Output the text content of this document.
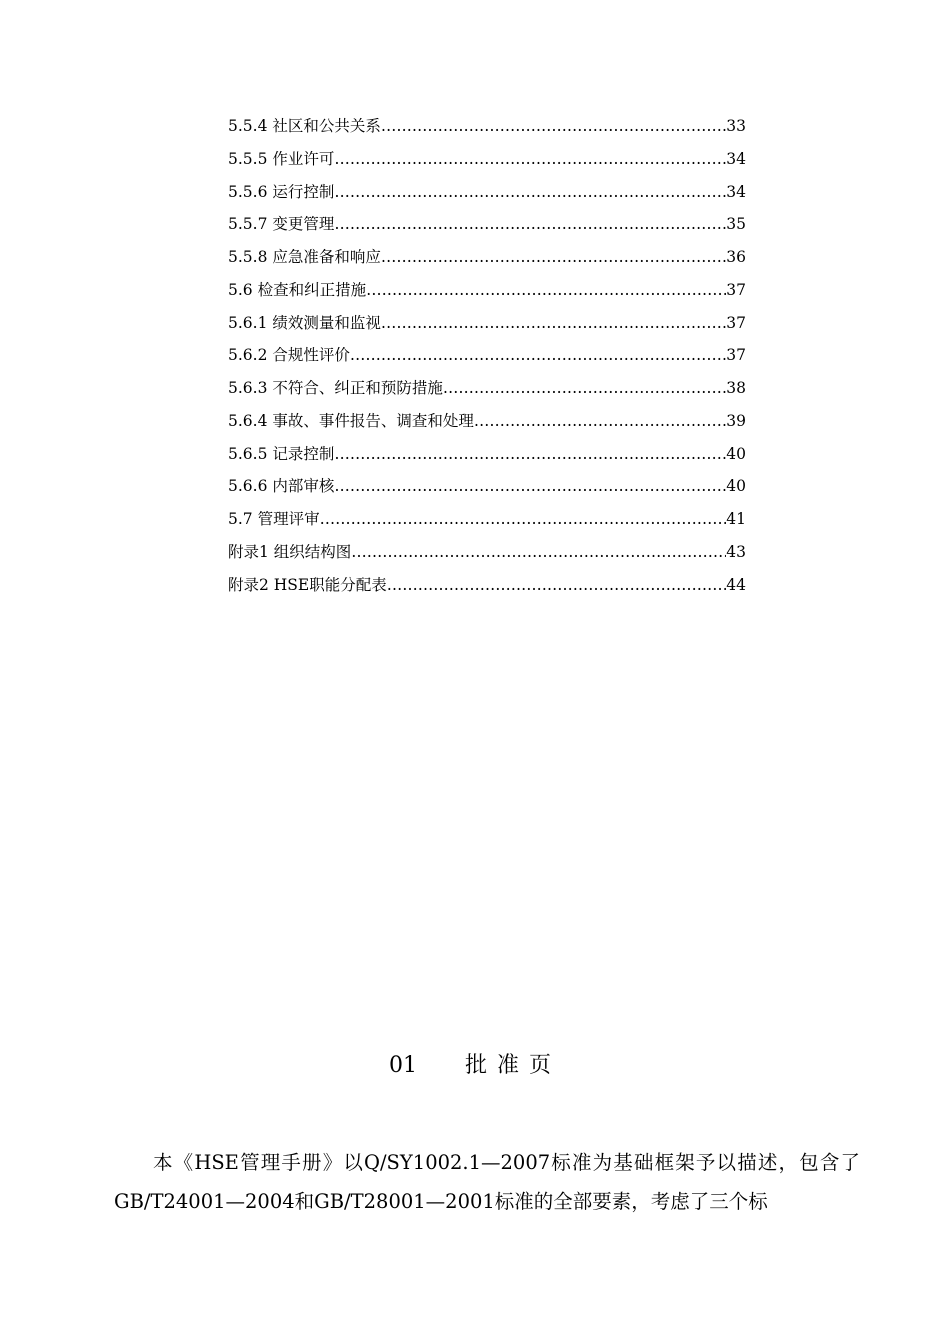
5.5.4 社区和公共关系 ……………………………………………………………………………………………………………………………………	33
5.5.5 作业许可 ……………………………………………………………………………………………………………………………………	34
5.5.6 运行控制 ……………………………………………………………………………………………………………………………………	34
5.5.7 变更管理 ……………………………………………………………………………………………………………………………………	35
5.5.8 应急准备和响应 ……………………………………………………………………………………………………………………………………	36
5.6 检查和纠正措施 ……………………………………………………………………………………………………………………………………	37
5.6.1 绩效测量和监视 ……………………………………………………………………………………………………………………………………	37
5.6.2 合规性评价 ……………………………………………………………………………………………………………………………………	37
5.6.3 不符合、纠正和预防措施 ……………………………………………………………………………………………………………………………………	38
5.6.4 事故、事件报告、调查和处理 ……………………………………………………………………………………………………………………………………	39
5.6.5 记录控制 ……………………………………………………………………………………………………………………………………	40
5.6.6 内部审核 ……………………………………………………………………………………………………………………………………	40
5.7 管理评审 ……………………………………………………………………………………………………………………………………	41
附录1 组织结构图 ……………………………………………………………………………………………………………………………………	43
附录2 HSE职能分配表 ……………………………………………………………………………………………………………………………………	44
01 批准页

本《HSE管理手册》以Q/SY1002.1—2007标准为基础框架予以描述，包含了GB/T24001—2004和GB/T28001—2001标准的全部要素，考虑了三个标
